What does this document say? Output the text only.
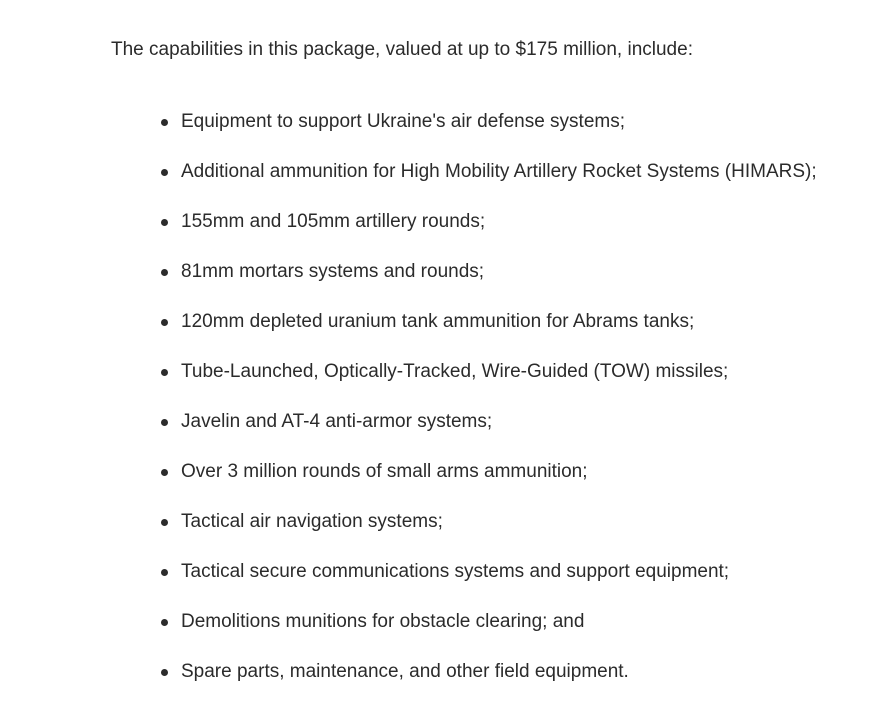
The capabilities in this package, valued at up to $175 million, include:

Equipment to support Ukraine's air defense systems;
Additional ammunition for High Mobility Artillery Rocket Systems (HIMARS);
155mm and 105mm artillery rounds;
81mm mortars systems and rounds;
120mm depleted uranium tank ammunition for Abrams tanks;
Tube-Launched, Optically-Tracked, Wire-Guided (TOW) missiles;
Javelin and AT-4 anti-armor systems;
Over 3 million rounds of small arms ammunition;
Tactical air navigation systems;
Tactical secure communications systems and support equipment;
Demolitions munitions for obstacle clearing; and
Spare parts, maintenance, and other field equipment.
